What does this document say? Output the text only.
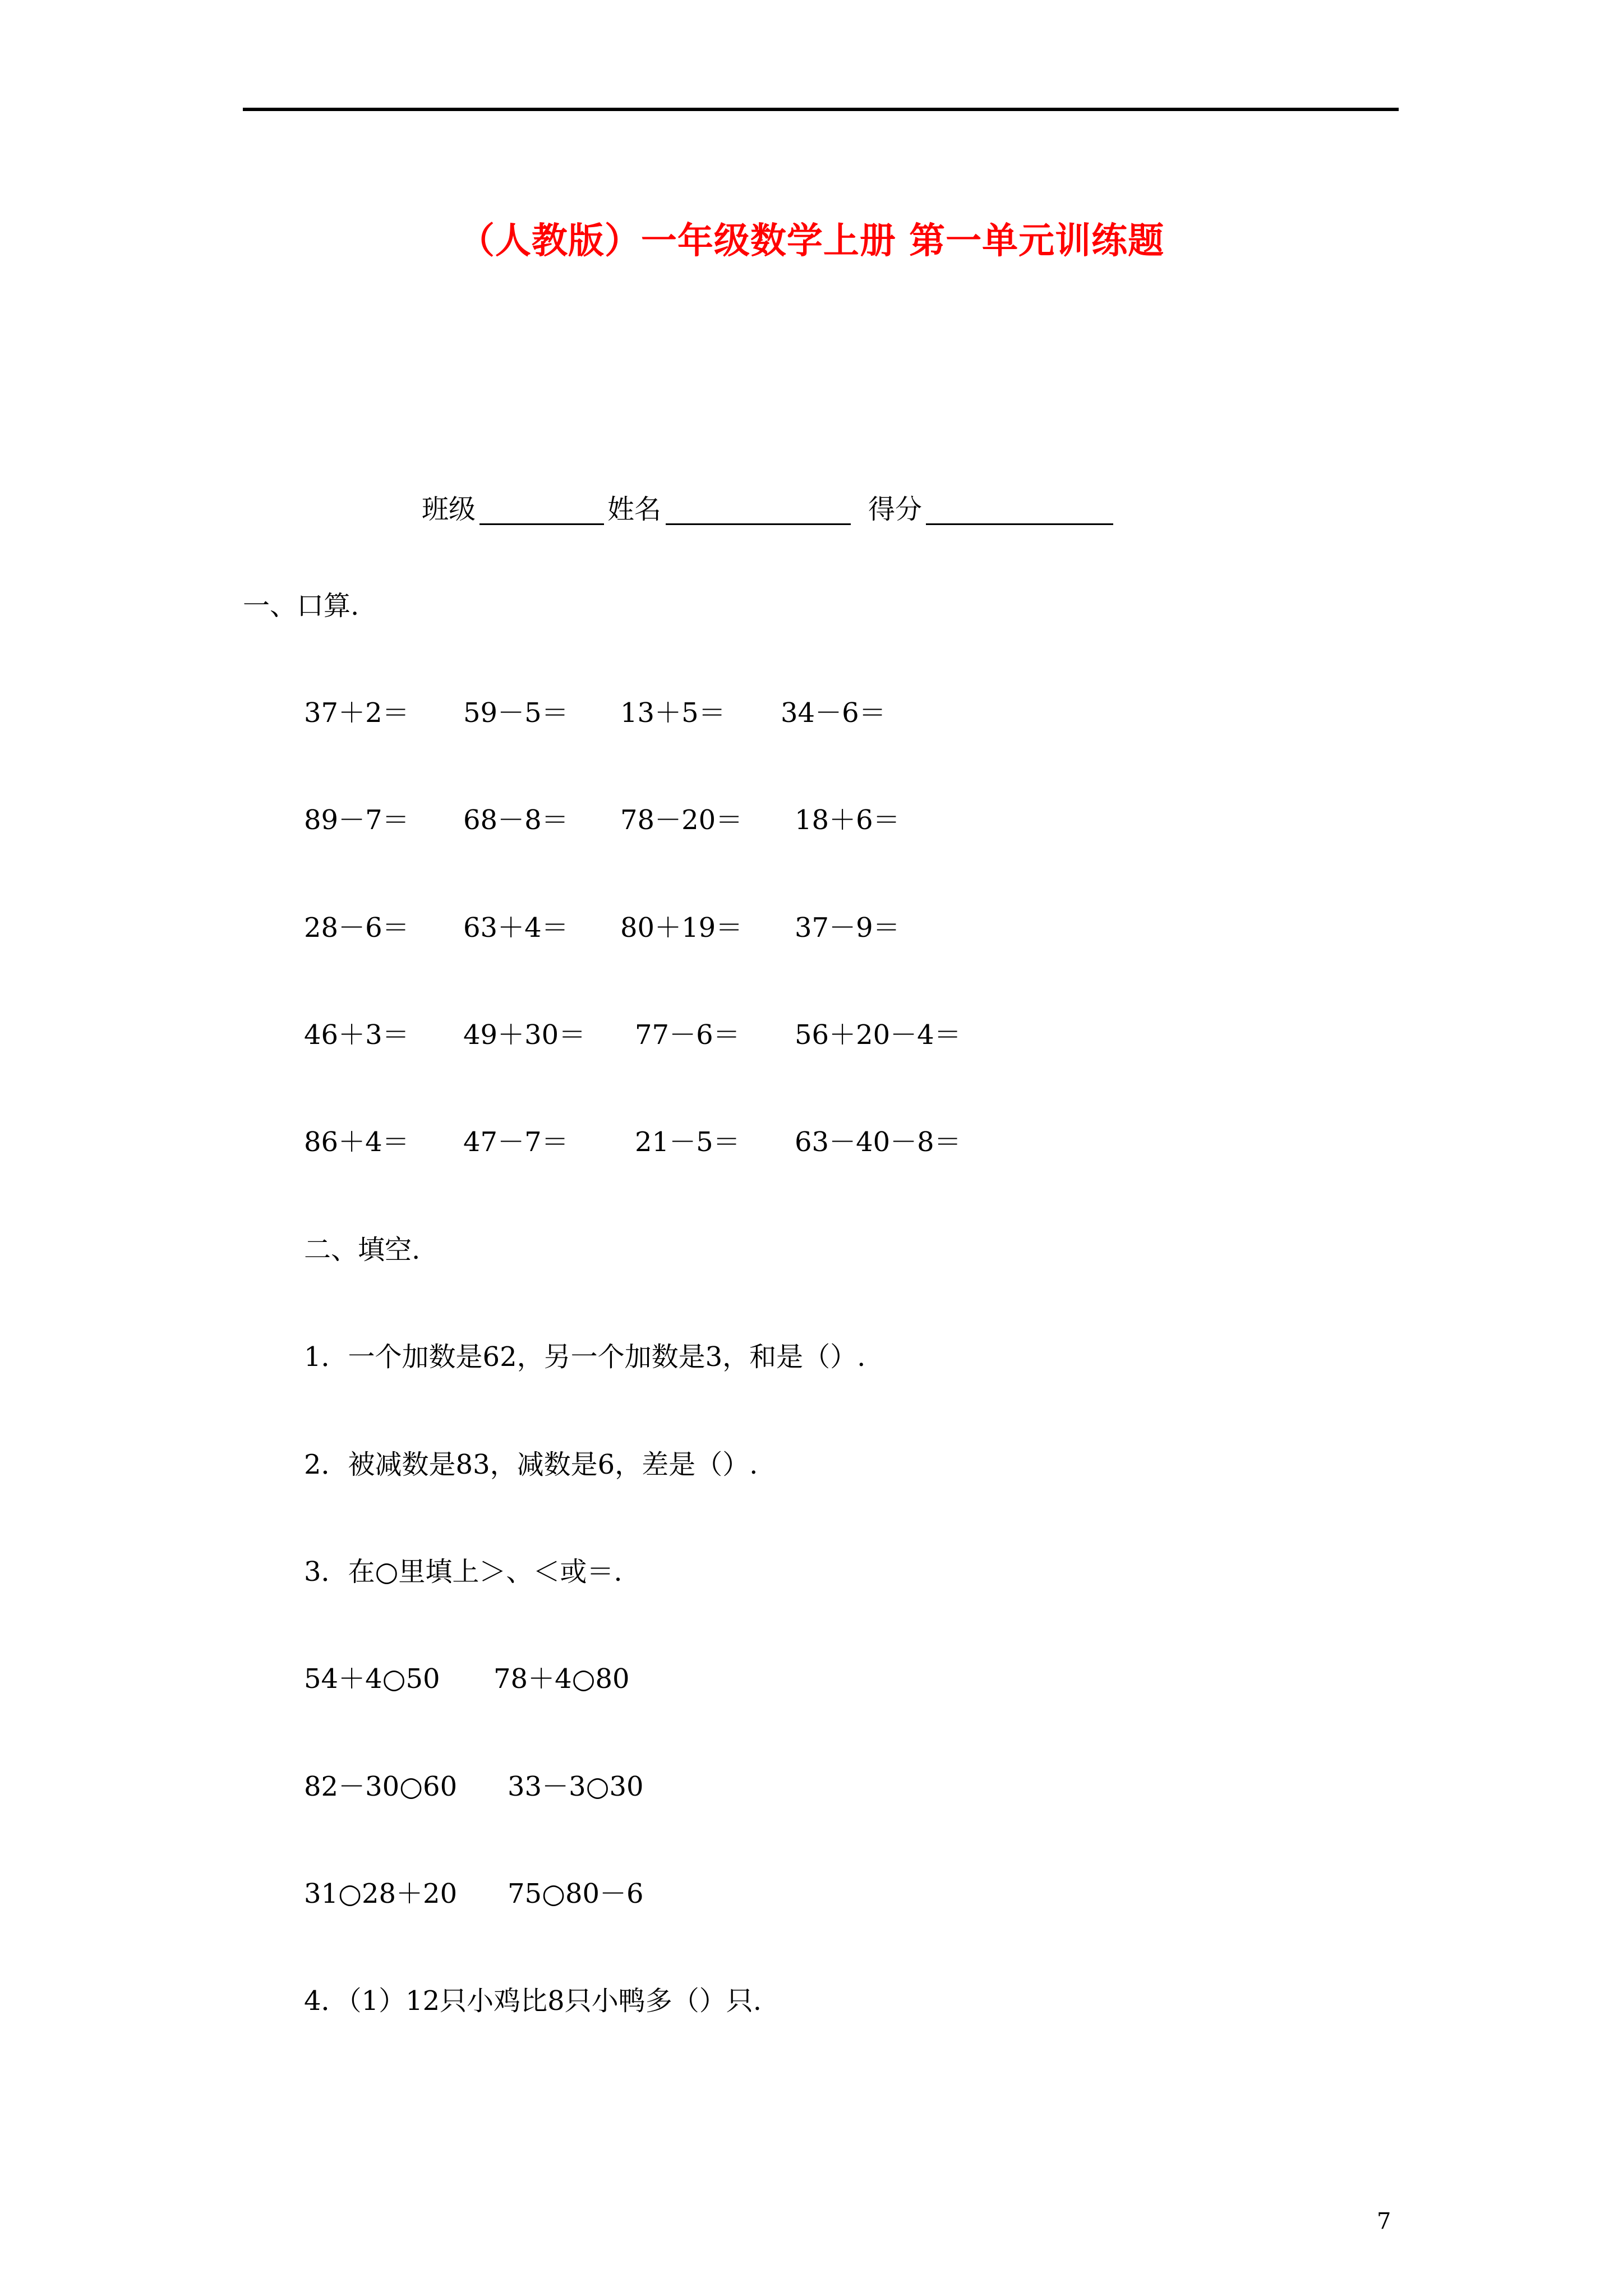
（人教版）一年级数学上册 第一单元训练题
班级	姓名	得分
一、口算.
37＋2＝ 59－5＝ 13＋5＝ 34－6＝
89－7＝ 68－8＝ 78－20＝ 18＋6＝
28－6＝ 63＋4＝ 80＋19＝ 37－9＝
46＋3＝ 49＋30＝ 77－6＝ 56＋20－4＝
86＋4＝ 47－7＝ 21－5＝ 63－40－8＝
二、填空.
1．一个加数是62，另一个加数是3，和是（）.
2．被减数是83，减数是6，差是（）.
3．在○里填上＞、＜或＝.
54＋4○50 78＋4○80
82－30○60 33－3○30
31○28＋20 75○80－6
4．（1）12只小鸡比8只小鸭多（）只.
7
